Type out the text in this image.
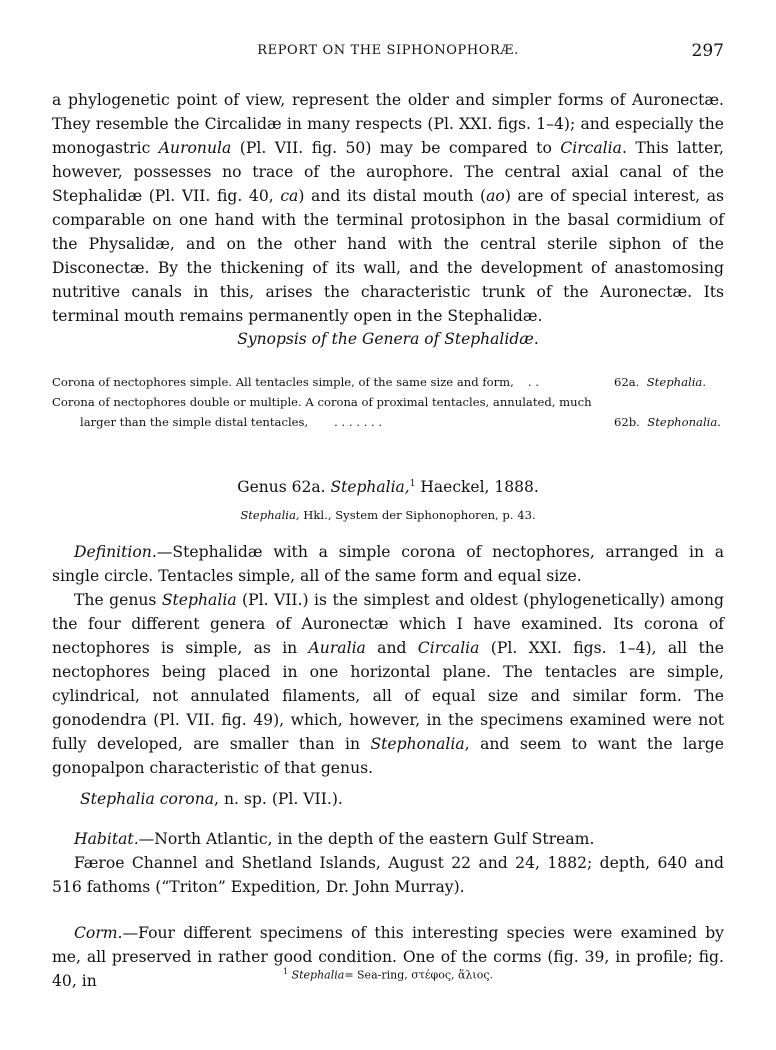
REPORT ON THE SIPHONOPHORÆ.	297

a phylogenetic point of view, represent the older and simpler forms of Auronectæ. They resemble the Circalidæ in many respects (Pl. XXI. figs. 1–4); and especially the monogastric Auronula (Pl. VII. fig. 50) may be compared to Circalia. This latter, however, possesses no trace of the aurophore. The central axial canal of the Stephalidæ (Pl. VII. fig. 40, ca) and its distal mouth (ao) are of special interest, as comparable on one hand with the terminal protosiphon in the basal cormidium of the Physalidæ, and on the other hand with the central sterile siphon of the Disconectæ. By the thickening of its wall, and the development of anastomosing nutritive canals in this, arises the characteristic trunk of the Auronectæ. Its terminal mouth remains permanently open in the Stephalidæ.

Synopsis of the Genera of Stephalidæ.
Corona of nectophores simple. All tentacles simple, of the same size and form, . .	62a. Stephalia.
Corona of nectophores double or multiple. A corona of proximal tentacles, annulated, much
larger than the simple distal tentacles, . . . . . . .	62b. Stephonalia.
Genus 62a. Stephalia,$^1$ Haeckel, 1888.
Stephalia, Hkl., System der Siphonophoren, p. 43.

Definition.—Stephalidæ with a simple corona of nectophores, arranged in a single circle. Tentacles simple, all of the same form and equal size.

The genus Stephalia (Pl. VII.) is the simplest and oldest (phylogenetically) among the four different genera of Auronectæ which I have examined. Its corona of nectophores is simple, as in Auralia and Circalia (Pl. XXI. figs. 1–4), all the nectophores being placed in one horizontal plane. The tentacles are simple, cylindrical, not annulated filaments, all of equal size and similar form. The gonodendra (Pl. VII. fig. 49), which, however, in the specimens examined were not fully developed, are smaller than in Stephonalia, and seem to want the large gonopalpon characteristic of that genus.

Stephalia corona, n. sp. (Pl. VII.).

Habitat.—North Atlantic, in the depth of the eastern Gulf Stream.

Færoe Channel and Shetland Islands, August 22 and 24, 1882; depth, 640 and 516 fathoms (“Triton” Expedition, Dr. John Murray).

Corm.—Four different specimens of this interesting species were examined by me, all preserved in rather good condition. One of the corms (fig. 39, in profile; fig. 40, in

$^1$ Stephalia= Sea-ring, στέφος, ἅλιος.
